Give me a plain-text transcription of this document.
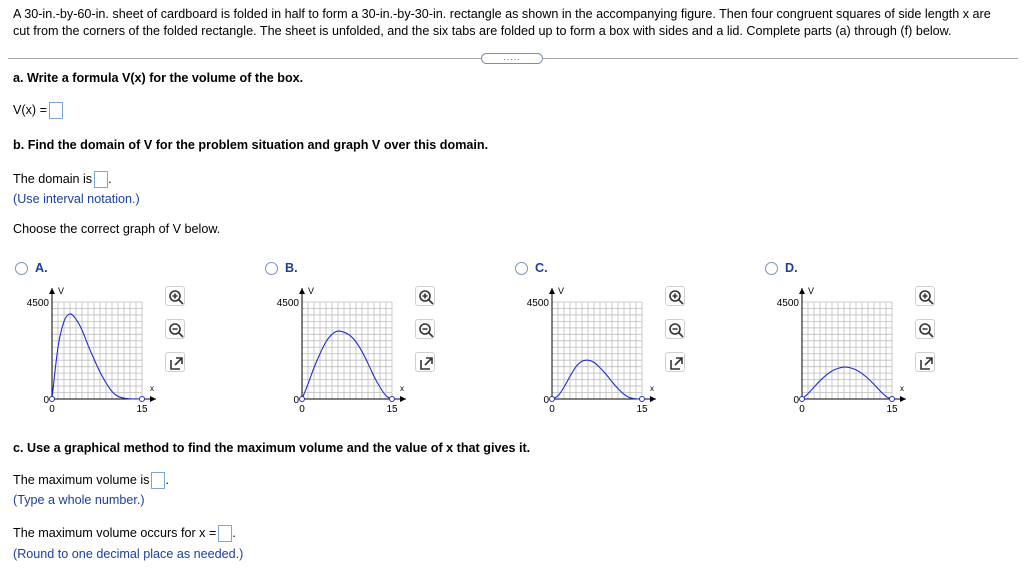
A 30-in.-by-60-in. sheet of cardboard is folded in half to form a 30-in.-by-30-in. rectangle as shown in the accompanying figure. Then four congruent squares of side length x are cut from the corners of the folded rectangle. The sheet is unfolded, and the six tabs are folded up to form a box with sides and a lid. Complete parts (a) through (f) below.
.....
a. Write a formula V(x) for the volume of the box.
V(x) =
b. Find the domain of V for the problem situation and graph V over this domain.
The domain is .
(Use interval notation.)
Choose the correct graph of V below.
A.
4500
0
0	15
x
V
B.
4500
0
0	15
x
V
C.
4500
0
0	15
x
V
D.
4500
0
0	15
x
V
c. Use a graphical method to find the maximum volume and the value of x that gives it.
The maximum volume is .
(Type a whole number.)
The maximum volume occurs for x = .
(Round to one decimal place as needed.)
